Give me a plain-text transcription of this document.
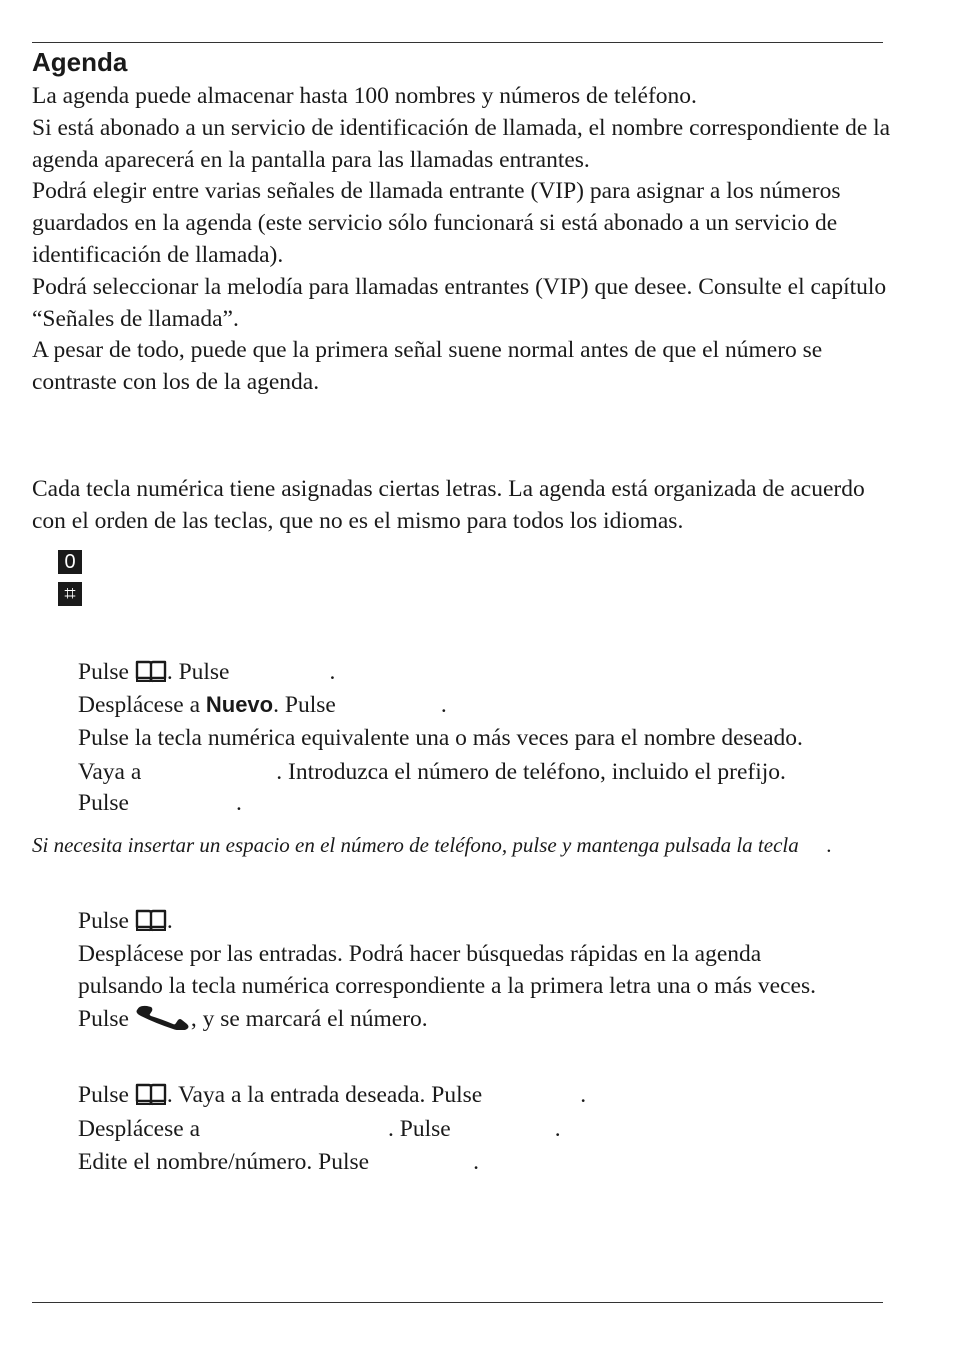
Agenda

La agenda puede almacenar hasta 100 nombres y números de teléfono.

Si está abonado a un servicio de identificación de llamada, el nombre correspondiente de la agenda aparecerá en la pantalla para las llamadas entrantes.

Podrá elegir entre varias señales de llamada entrante (VIP) para asignar a los números guardados en la agenda (este servicio sólo funcionará si está abonado a un servicio de identificación de llamada).

Podrá seleccionar la melodía para llamadas entrantes (VIP) que desee. Consulte el capítulo “Señales de llamada”.

A pesar de todo, puede que la primera señal suene normal antes de que el número se contraste con los de la agenda.

Cada tecla numérica tiene asignadas ciertas letras. La agenda está organizada de acuerdo con el orden de las teclas, que no es el mismo para todos los idiomas.

0
⌗
Pulse . Pulse	.
Desplácese a Nuevo. Pulse	.
Pulse la tecla numérica equivalente una o más veces para el nombre deseado.
Vaya a	. Introduzca el número de teléfono, incluido el prefijo.
Pulse	.
Si necesita insertar un espacio en el número de teléfono, pulse y mantenga pulsada la tecla .
Pulse .
Desplácese por las entradas. Podrá hacer búsquedas rápidas en la agenda
pulsando la tecla numérica correspondiente a la primera letra una o más veces.
Pulse , y se marcará el número.
Pulse . Vaya a la entrada deseada. Pulse	.
Desplácese a	. Pulse	.
Edite el nombre/número. Pulse	.
